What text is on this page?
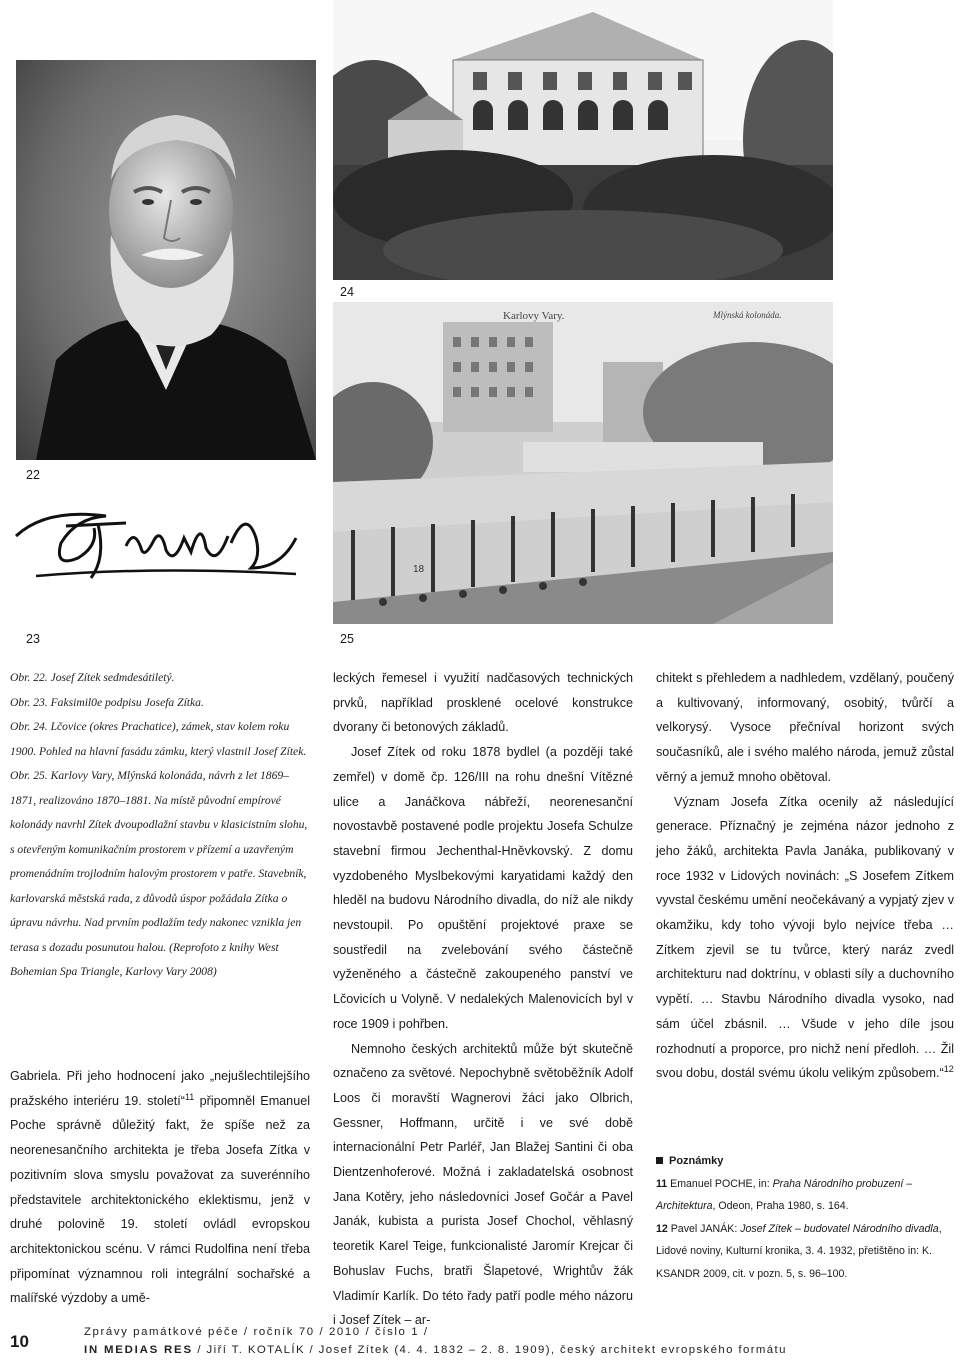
22
23
24
Karlovy Vary.	Mlýnská kolonáda.
18
25

Obr. 22. Josef Zítek sedmdesátiletý.

Obr. 23. Faksimil0e podpisu Josefa Zítka.

Obr. 24. Lčovice (okres Prachatice), zámek, stav kolem roku 1900. Pohled na hlavní fasádu zámku, který vlastnil Josef Zítek.

Obr. 25. Karlovy Vary, Mlýnská kolonáda, návrh z let 1869–1871, realizováno 1870–1881. Na místě původní empírové kolonády navrhl Zítek dvoupodlažní stavbu v klasicistním slohu, s otevřeným komunikačním prostorem v přízemí a uzavřeným promenádním trojlodním halovým prostorem v patře. Stavebník, karlovarská městská rada, z důvodů úspor požádala Zítka o úpravu návrhu. Nad prvním podlažím tedy nakonec vznikla jen terasa s dozadu posunutou halou. (Reprofoto z knihy West Bohemian Spa Triangle, Karlovy Vary 2008)

Gabriela. Při jeho hodnocení jako „nejušlechtilejšího pražského interiéru 19. století“$^{11}$ připomněl Emanuel Poche správně důležitý fakt, že spíše než za neorenesančního architekta je třeba Josefa Zítka v pozitivním slova smyslu považovat za suverénního představitele architektonického eklektismu, jenž v druhé polovině 19. století ovládl evropskou architektonickou scénu. V rámci Rudolfina není třeba připomínat významnou roli integrální sochařské a malířské výzdoby a umě-

leckých řemesel i využití nadčasových technických prvků, například prosklené ocelové konstrukce dvorany či betonových základů.

Josef Zítek od roku 1878 bydlel (a později také zemřel) v domě čp. 126/III na rohu dnešní Vítězné ulice a Janáčkova nábřeží, neorenesanční novostavbě postavené podle projektu Josefa Schulze stavební firmou Jechenthal-Hněvkovský. Z domu vyzdobeného Myslbekovými karyatidami každý den hleděl na budovu Národního divadla, do níž ale nikdy nevstoupil. Po opuštění projektové praxe se soustředil na zvelebování svého částečně vyženěného a částečně zakoupeného panství ve Lčovicích u Volyně. V nedalekých Malenovicích byl v roce 1909 i pohřben.

Nemnoho českých architektů může být skutečně označeno za světové. Nepochybně světoběžník Adolf Loos či moravští Wagnerovi žáci jako Olbrich, Gessner, Hoffmann, určitě i ve své době internacionální Petr Parléř, Jan Blažej Santini či oba Dientzenhoferové. Možná i zakladatelská osobnost Jana Kotěry, jeho následovníci Josef Gočár a Pavel Janák, kubista a purista Josef Chochol, věhlasný teoretik Karel Teige, funkcionalisté Jaromír Krejcar či Bohuslav Fuchs, bratři Šlapetové, Wrightův žák Vladimír Karlík. Do této řady patří podle mého názoru i Josef Zítek – ar-

chitekt s přehledem a nadhledem, vzdělaný, poučený a kultivovaný, informovaný, osobitý, tvůrčí a velkorysý. Vysoce přečníval horizont svých současníků, ale i svého malého národa, jemuž zůstal věrný a jemuž mnoho obětoval.

Význam Josefa Zítka ocenily až následující generace. Příznačný je zejména názor jednoho z jeho žáků, architekta Pavla Janáka, publikovaný v roce 1932 v Lidových novinách: „S Josefem Zítkem vyvstal českému umění neočekávaný a vypjatý zjev v okamžiku, kdy toho vývoji bylo nejvíce třeba … Zítkem zjevil se tu tvůrce, který naráz zvedl architekturu nad doktrínu, v oblasti síly a duchovního vypětí. … Stavbu Národního divadla vysoko, nad sám účel zbásnil. … Všude v jeho díle jsou rozhodnutí a proporce, pro nichž není předloh. … Žil svou dobu, dostál svému úkolu velikým způsobem.“$^{12}$

Poznámky

11 Emanuel POCHE, in: Praha Národního probuzení – Architektura, Odeon, Praha 1980, s. 164.

12 Pavel JANÁK: Josef Zítek – budovatel Národního divadla, Lidové noviny, Kulturní kronika, 3. 4. 1932, přetištěno in: K. KSANDR 2009, cit. v pozn. 5, s. 96–100.

10	Zprávy památkové péče / ročník 70 / 2010 / číslo 1 /
IN MEDIAS RES / Jiří T. KOTALÍK / Josef Zítek (4. 4. 1832 – 2. 8. 1909), český architekt evropského formátu
